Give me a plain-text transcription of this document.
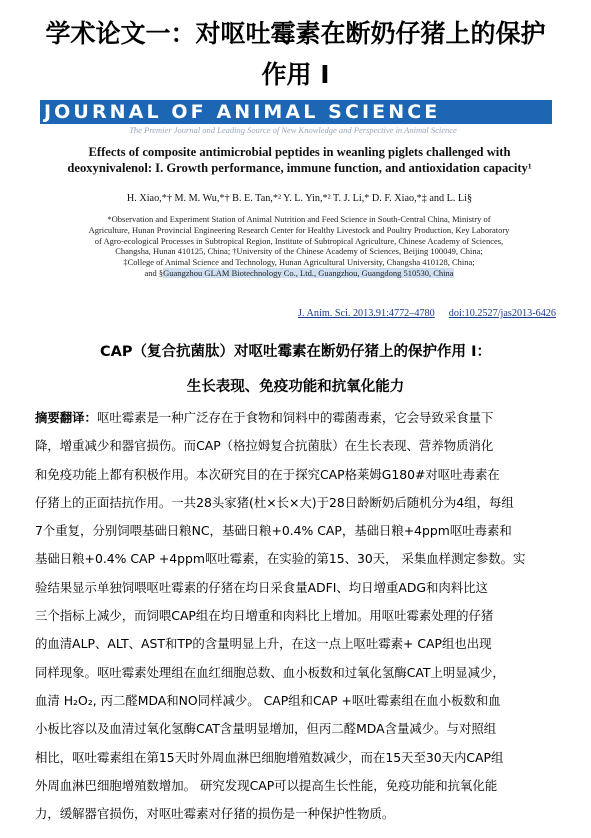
学术论文一：对呕吐霉素在断奶仔猪上的保护
作用 I
JOURNAL OF ANIMAL SCIENCE
The Premier Journal and Leading Source of New Knowledge and Perspective in Animal Science
Effects of composite antimicrobial peptides in weanling piglets challenged with
deoxynivalenol: I. Growth performance, immune function, and antioxidation capacity¹
H. Xiao,*† M. M. Wu,*† B. E. Tan,*² Y. L. Yin,*² T. J. Li,* D. F. Xiao,*‡ and L. Li§
*Observation and Experiment Station of Animal Nutrition and Feed Science in South-Central China, Ministry of
Agriculture, Hunan Provincial Engineering Research Center for Healthy Livestock and Poultry Production, Key Laboratory
of Agro-ecological Processes in Subtropical Region, Institute of Subtropical Agriculture, Chinese Academy of Sciences,
Changsha, Hunan 410125, China; †University of the Chinese Academy of Sciences, Beijing 100049, China;
‡College of Animal Science and Technology, Hunan Agricultural University, Changsha 410128, China;
and §Guangzhou GLAM Biotechnology Co., Ltd., Guangzhou, Guangdong 510530, China
J. Anim. Sci. 2013.91:4772–4780 doi:10.2527/jas2013-6426
CAP（复合抗菌肽）对呕吐霉素在断奶仔猪上的保护作用 I：
生长表现、免疫功能和抗氧化能力
摘要翻译：呕吐霉素是一种广泛存在于食物和饲料中的霉菌毒素，它会导致采食量下
降，增重减少和器官损伤。而CAP（格拉姆复合抗菌肽）在生长表现、营养物质消化
和免疫功能上都有积极作用。本次研究目的在于探究CAP格莱姆G180#对呕吐毒素在
仔猪上的正面拮抗作用。一共28头家猪(杜×长×大)于28日龄断奶后随机分为4组，每组
7个重复，分别饲喂基础日粮NC，基础日粮+0.4% CAP，基础日粮+4ppm呕吐毒素和
基础日粮+0.4% CAP +4ppm呕吐霉素，在实验的第15、30天， 采集血样测定参数。实
验结果显示单独饲喂呕吐霉素的仔猪在均日采食量ADFI、均日增重ADG和肉料比这
三个指标上减少，而饲喂CAP组在均日增重和肉料比上增加。用呕吐霉素处理的仔猪
的血清ALP、ALT、AST和TP的含量明显上升，在这一点上呕吐霉素+ CAP组也出现
同样现象。呕吐霉素处理组在血红细胞总数、血小板数和过氧化氢酶CAT上明显减少，
血清 H₂O₂, 丙二醛MDA和NO同样减少。 CAP组和CAP +呕吐霉素组在血小板数和血
小板比容以及血清过氧化氢酶CAT含量明显增加，但丙二醛MDA含量减少。与对照组
相比，呕吐霉素组在第15天时外周血淋巴细胞增殖数减少，而在15天至30天内CAP组
外周血淋巴细胞增殖数增加。 研究发现CAP可以提高生长性能，免疫功能和抗氧化能
力，缓解器官损伤，对呕吐霉素对仔猪的损伤是一种保护性物质。
